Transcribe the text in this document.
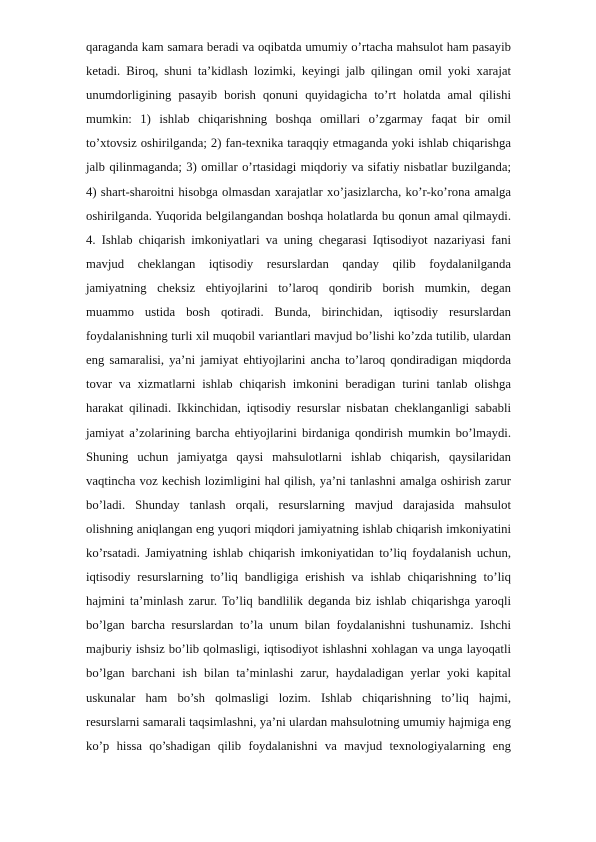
qaraganda kam samara beradi va oqibatda umumiy o’rtacha mahsulot ham pasayib
ketadi. Biroq, shuni ta’kidlash lozimki, keyingi jalb qilingan omil yoki xarajat
unumdorligining pasayib borish qonuni quyidagicha to’rt holatda amal qilishi
mumkin: 1) ishlab chiqarishning boshqa omillari o’zgarmay faqat bir omil
to’xtovsiz oshirilganda; 2) fan-texnika taraqqiy etmaganda yoki ishlab chiqarishga
jalb qilinmaganda; 3) omillar o’rtasidagi miqdoriy va sifatiy nisbatlar buzilganda;
4) shart-sharoitni hisobga olmasdan xarajatlar xo’jasizlarcha, ko’r-ko’rona amalga
oshirilganda. Yuqorida belgilangandan boshqa holatlarda bu qonun amal qilmaydi.
4. Ishlab chiqarish imkoniyatlari va uning chegarasi Iqtisodiyot nazariyasi fani
mavjud cheklangan iqtisodiy resurslardan qanday qilib foydalanilganda
jamiyatning cheksiz ehtiyojlarini to’laroq qondirib borish mumkin, degan
muammo ustida bosh qotiradi. Bunda, birinchidan, iqtisodiy resurslardan
foydalanishning turli xil muqobil variantlari mavjud bo’lishi ko’zda tutilib, ulardan
eng samaralisi, ya’ni jamiyat ehtiyojlarini ancha to’laroq qondiradigan miqdorda
tovar va xizmatlarni ishlab chiqarish imkonini beradigan turini tanlab olishga
harakat qilinadi. Ikkinchidan, iqtisodiy resurslar nisbatan cheklanganligi sababli
jamiyat a’zolarining barcha ehtiyojlarini birdaniga qondirish mumkin bo’lmaydi.
Shuning uchun jamiyatga qaysi mahsulotlarni ishlab chiqarish, qaysilaridan
vaqtincha voz kechish lozimligini hal qilish, ya’ni tanlashni amalga oshirish zarur
bo’ladi. Shunday tanlash orqali, resurslarning mavjud darajasida mahsulot
olishning aniqlangan eng yuqori miqdori jamiyatning ishlab chiqarish imkoniyatini
ko’rsatadi. Jamiyatning ishlab chiqarish imkoniyatidan to’liq foydalanish uchun,
iqtisodiy resurslarning to’liq bandligiga erishish va ishlab chiqarishning to’liq
hajmini ta’minlash zarur. To’liq bandlilik deganda biz ishlab chiqarishga yaroqli
bo’lgan barcha resurslardan to’la unum bilan foydalanishni tushunamiz. Ishchi
majburiy ishsiz bo’lib qolmasligi, iqtisodiyot ishlashni xohlagan va unga layoqatli
bo’lgan barchani ish bilan ta’minlashi zarur, haydaladigan yerlar yoki kapital
uskunalar ham bo’sh qolmasligi lozim. Ishlab chiqarishning to’liq hajmi,
resurslarni samarali taqsimlashni, ya’ni ulardan mahsulotning umumiy hajmiga eng
ko’p hissa qo’shadigan qilib foydalanishni va mavjud texnologiyalarning eng
